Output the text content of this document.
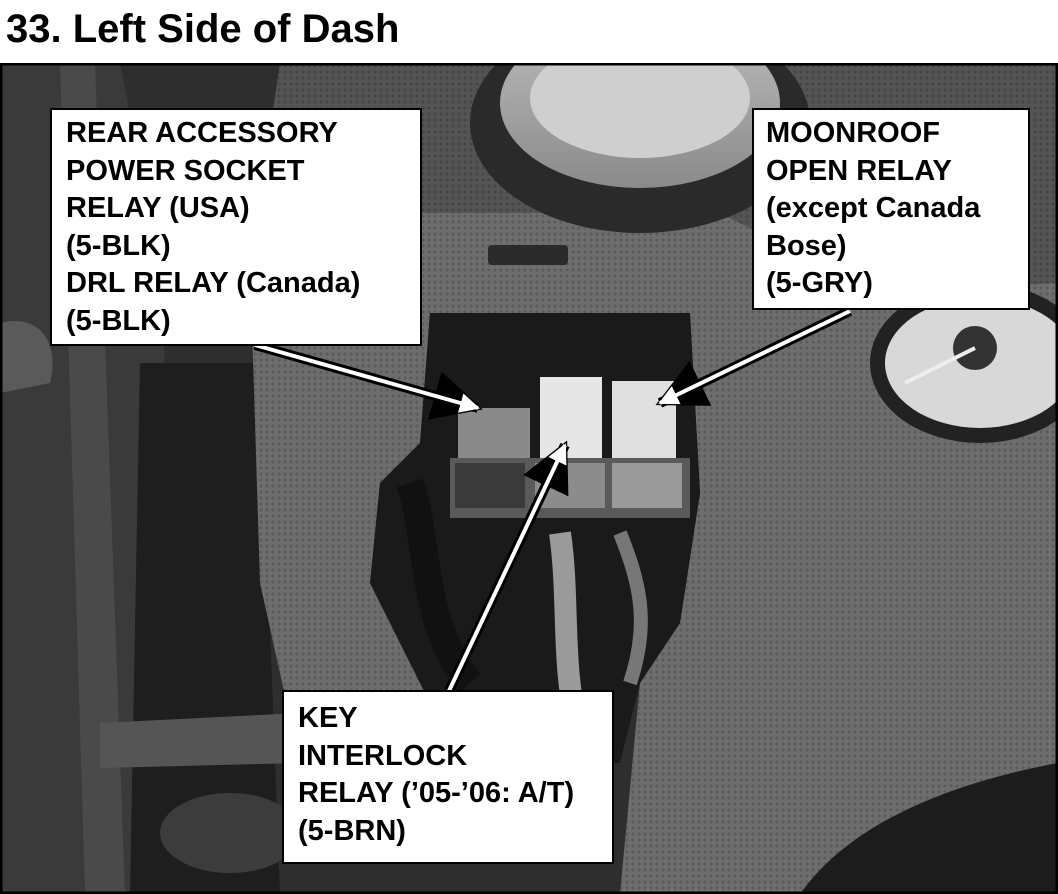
33. Left Side of Dash
REAR ACCESSORY
POWER SOCKET
RELAY (USA)
(5-BLK)
DRL RELAY (Canada)
(5-BLK)
MOONROOF
OPEN RELAY
(except Canada
Bose)
(5-GRY)
KEY
INTERLOCK
RELAY (’05-’06: A/T)
(5-BRN)
